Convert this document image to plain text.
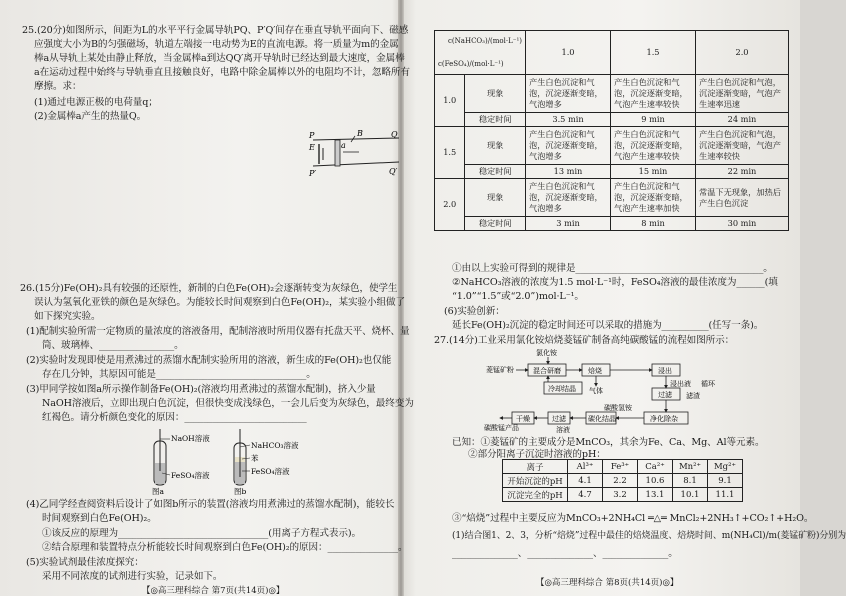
25.(20分)如图所示，间距为L的水平平行金属导轨PQ、P′Q′间存在垂直导轨平面向下、磁感
应强度大小为B的匀强磁场，轨道左端接一电动势为E的直流电源。将一质量为m的金属
棒a从导轨上某处由静止释放，当金属棒a到达QQ′离开导轨时已经达到最大速度，金属棒
a在运动过程中始终与导轨垂直且接触良好，电路中除金属棒以外的电阻均不计，忽略所有
摩擦。求：
(1)通过电源正极的电荷量q；
(2)金属棒a产生的热量Q。
E	a
B
P
P′
Q
Q′
26.(15分)Fe(OH)₂具有较强的还原性，新制的白色Fe(OH)₂会逐渐转变为灰绿色，使学生
误认为氢氧化亚铁的颜色是灰绿色。为能较长时间观察到白色Fe(OH)₂，某实验小组做了
如下探究实验。
(1)配制实验所需一定物质的量浓度的溶液备用，配制溶液时所用仪器有托盘天平、烧杯、量
筒、玻璃棒、________________。
(2)实验时发现即使是用煮沸过的蒸馏水配制实验所用的溶液，新生成的Fe(OH)₂也仅能
存在几分钟，其原因可能是________________________________。
(3)甲同学按如图a所示操作制备Fe(OH)₂(溶液均用煮沸过的蒸馏水配制)，挤入少量
NaOH溶液后，立即出现白色沉淀，但很快变成浅绿色，一会儿后变为灰绿色，最终变为
红褐色。请分析颜色变化的原因：__________________________
NaOH溶液
FeSO₄溶液
图a
NaHCO₃溶液
苯
FeSO₄溶液
图b
(4)乙同学经查阅资料后设计了如图b所示的装置(溶液均用煮沸过的蒸馏水配制)，能较长
时间观察到白色Fe(OH)₂。
①该反应的原理为________________________________(用离子方程式表示)。
②结合原理和装置特点分析能较长时间观察到白色Fe(OH)₂的原因：_______________。
(5)实验试剂最佳浓度探究：
采用不同浓度的试剂进行实验，记录如下。
【◎高三理科综合 第7页(共14页)◎】
c(NaHCO₃)/(mol·L⁻¹)
c(FeSO₄)/(mol·L⁻¹)		1.0	1.5	2.0
1.0	现象	产生白色沉淀和气泡，沉淀逐渐变暗，气泡增多	产生白色沉淀和气泡，沉淀逐渐变暗，气泡产生速率较快	产生白色沉淀和气泡，沉淀逐渐变暗，气泡产生速率迅速
	稳定时间	3.5 min	9 min	24 min
1.5	现象	产生白色沉淀和气泡，沉淀逐渐变暗，气泡增多	产生白色沉淀和气泡，沉淀逐渐变暗，气泡产生速率较快	产生白色沉淀和气泡，沉淀逐渐变暗，气泡产生速率较快
	稳定时间	13 min	15 min	22 min
2.0	现象	产生白色沉淀和气泡，沉淀逐渐变暗，气泡增多	产生白色沉淀和气泡，沉淀逐渐变暗，气泡产生速率加快	常温下无现象，加热后产生白色沉淀
	稳定时间	3 min	8 min	30 min
①由以上实验可得到的规律是________________________________________。
②NaHCO₃溶液的浓度为1.5 mol·L⁻¹时，FeSO₄溶液的最佳浓度为______(填
“1.0”“1.5”或“2.0”)mol·L⁻¹。
(6)实验创新：
延长Fe(OH)₂沉淀的稳定时间还可以采取的措施为__________(任写一条)。
27.(14分)工业采用氯化铵焙烧菱锰矿制备高纯碳酸锰的流程如图所示：
氯化铵
菱锰矿粉	混合研磨	焙烧	浸出
气体
冷却结晶
浸出液
过滤
净化除杂
滤渣
碳酸氢铵
碳化结晶
过滤
干燥
碳酸锰产品	溶液
循环
已知：①菱锰矿的主要成分是MnCO₃，其余为Fe、Ca、Mg、Al等元素。
②部分阳离子沉淀时溶液的pH：
离子	Al³⁺	Fe³⁺	Ca²⁺	Mn²⁺	Mg²⁺
开始沉淀的pH	4.1	2.2	10.6	8.1	9.1
沉淀完全的pH	4.7	3.2	13.1	10.1	11.1
③“焙烧”过程中主要反应为MnCO₃+2NH₄Cl ═△═ MnCl₂+2NH₃↑+CO₂↑+H₂O。
(1)结合图1、2、3，分析“焙烧”过程中最佳的焙烧温度、焙烧时间、m(NH₄Cl)/m(菱锰矿粉)分别为
______________、______________、______________。
【◎高三理科综合 第8页(共14页)◎】
